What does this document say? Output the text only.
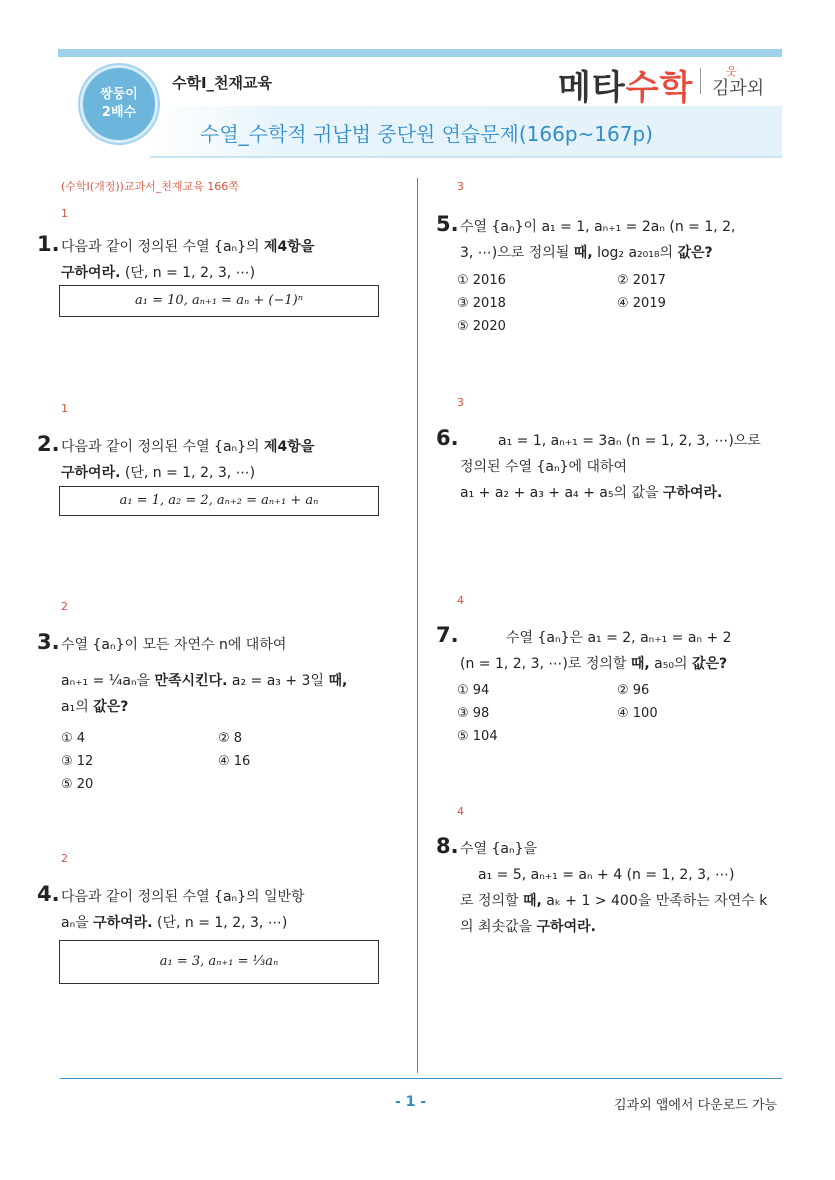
쌍둥이
2배수
수학Ⅰ_천재교육	메타수학	웃
김과외
수열_수학적 귀납법 중단원 연습문제(166p~167p)
(수학Ⅰ(개정))교과서_천재교육 166쪽
1
1. 다음과 같이 정의된 수열 {aₙ}의 제4항을
구하여라. (단, n = 1, 2, 3, ⋯)
a₁ = 10, aₙ₊₁ = aₙ + (−1)ⁿ
1
2. 다음과 같이 정의된 수열 {aₙ}의 제4항을
구하여라. (단, n = 1, 2, 3, ⋯)
a₁ = 1, a₂ = 2, aₙ₊₂ = aₙ₊₁ + aₙ
2
3. 수열 {aₙ}이 모든 자연수 n에 대하여
aₙ₊₁ = ¼aₙ을 만족시킨다. a₂ = a₃ + 3일 때,
a₁의 값은?
① 4	② 8
③ 12	④ 16
⑤ 20
2
4. 다음과 같이 정의된 수열 {aₙ}의 일반항
aₙ을 구하여라. (단, n = 1, 2, 3, ⋯)
a₁ = 3, aₙ₊₁ = ⅓aₙ
3
5. 수열 {aₙ}이 a₁ = 1, aₙ₊₁ = 2aₙ (n = 1, 2,
3, ⋯)으로 정의될 때, log₂ a₂₀₁₈의 값은?
① 2016	② 2017
③ 2018	④ 2019
⑤ 2020
3
6.	a₁ = 1, aₙ₊₁ = 3aₙ (n = 1, 2, 3, ⋯)으로
정의된 수열 {aₙ}에 대하여
a₁ + a₂ + a₃ + a₄ + a₅의 값을 구하여라.
4
7.	수열 {aₙ}은 a₁ = 2, aₙ₊₁ = aₙ + 2
(n = 1, 2, 3, ⋯)로 정의할 때, a₅₀의 값은?
① 94	② 96
③ 98	④ 100
⑤ 104
4
8. 수열 {aₙ}을
a₁ = 5, aₙ₊₁ = aₙ + 4 (n = 1, 2, 3, ⋯)
로 정의할 때, aₖ + 1 > 400을 만족하는 자연수 k
의 최솟값을 구하여라.
- 1 -	김과외 앱에서 다운로드 가능
